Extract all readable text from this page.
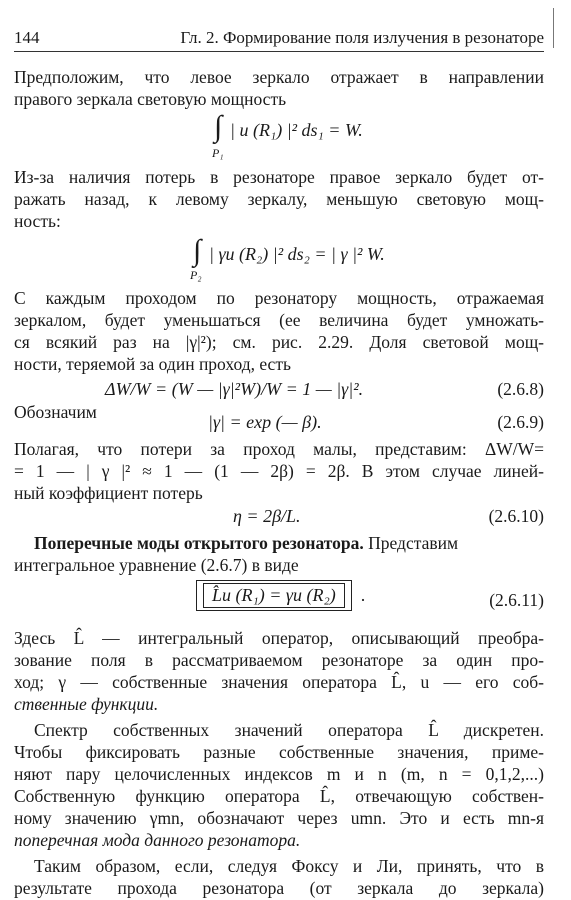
144	Гл. 2. Формирование поля излучения в резонаторе
Предположим, что левое зеркало отражает в направлении
правого зеркала световую мощность
∫ | u (R₁) |² ds₁ = W.
P₁
Из-за наличия потерь в резонаторе правое зеркало будет от-
ражать назад, к левому зеркалу, меньшую световую мощ-
ность:
∫ | γu (R₂) |² ds₂ = | γ |² W.
P₂
С каждым проходом по резонатору мощность, отражаемая
зеркалом, будет уменьшаться (ее величина будет умножать-
ся всякий раз на |γ|²); см. рис. 2.29. Доля световой мощ-
ности, теряемой за один проход, есть
ΔW/W = (W — |γ|²W)/W = 1 — |γ|².	(2.6.8)
Обозначим	|γ| = exp (— β).	(2.6.9)
Полагая, что потери за проход малы, представим: ΔW/W=
= 1 — | γ |² ≈ 1 — (1 — 2β) = 2β. В этом случае линей-
ный коэффициент потерь
η = 2β/L.	(2.6.10)
Поперечные моды открытого резонатора. Представим
интегральное уравнение (2.6.7) в виде
L̂u (R₁) = γu (R₂)	·	(2.6.11)
Здесь L̂ — интегральный оператор, описывающий преобра-
зование поля в рассматриваемом резонаторе за один про-
ход; γ — собственные значения оператора L̂, u — его соб-
ственные функции.
Спектр собственных значений оператора L̂ дискретен.
Чтобы фиксировать разные собственные значения, приме-
няют пару целочисленных индексов m и n (m, n = 0,1,2,...)
Собственную функцию оператора L̂, отвечающую собствен-
ному значению γmn, обозначают через umn. Это и есть mn-я
поперечная мода данного резонатора.
Таким образом, если, следуя Фоксу и Ли, принять, что в
результате прохода резонатора (от зеркала до зеркала)
